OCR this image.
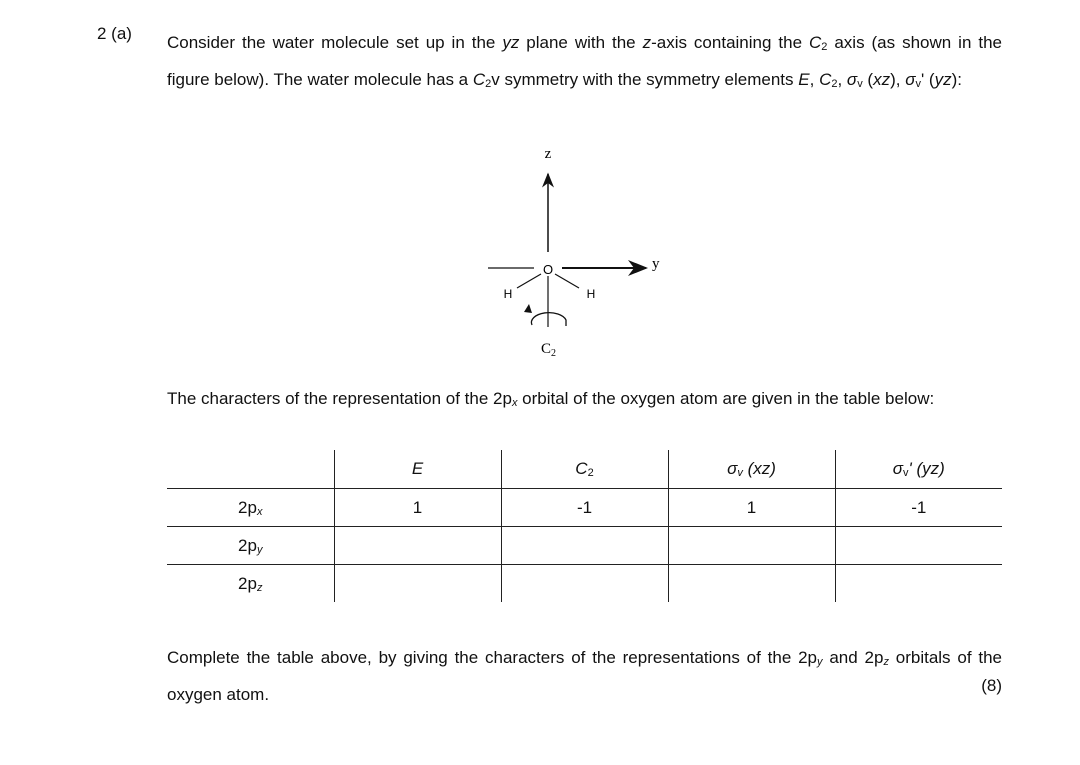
2 (a) Consider the water molecule set up in the yz plane with the z-axis containing the $C_2$ axis (as shown in the figure below). The water molecule has a $C_2v$ symmetry with the symmetry elements E, $C_2$, $\sigma_v$ (xz), $\sigma_v'$ (yz):
z
y
O
H	H
$C_2$
The characters of the representation of the $2p_x$ orbital of the oxygen atom are given in the table below:
	E	$C_2$	$\sigma_v$ (xz)	$\sigma_v'$ (yz)
$2p_x$	1	-1	1	-1
$2p_y$				
$2p_z$				
Complete the table above, by giving the characters of the representations of the $2p_y$ and $2p_z$ orbitals of the oxygen atom.	(8)
